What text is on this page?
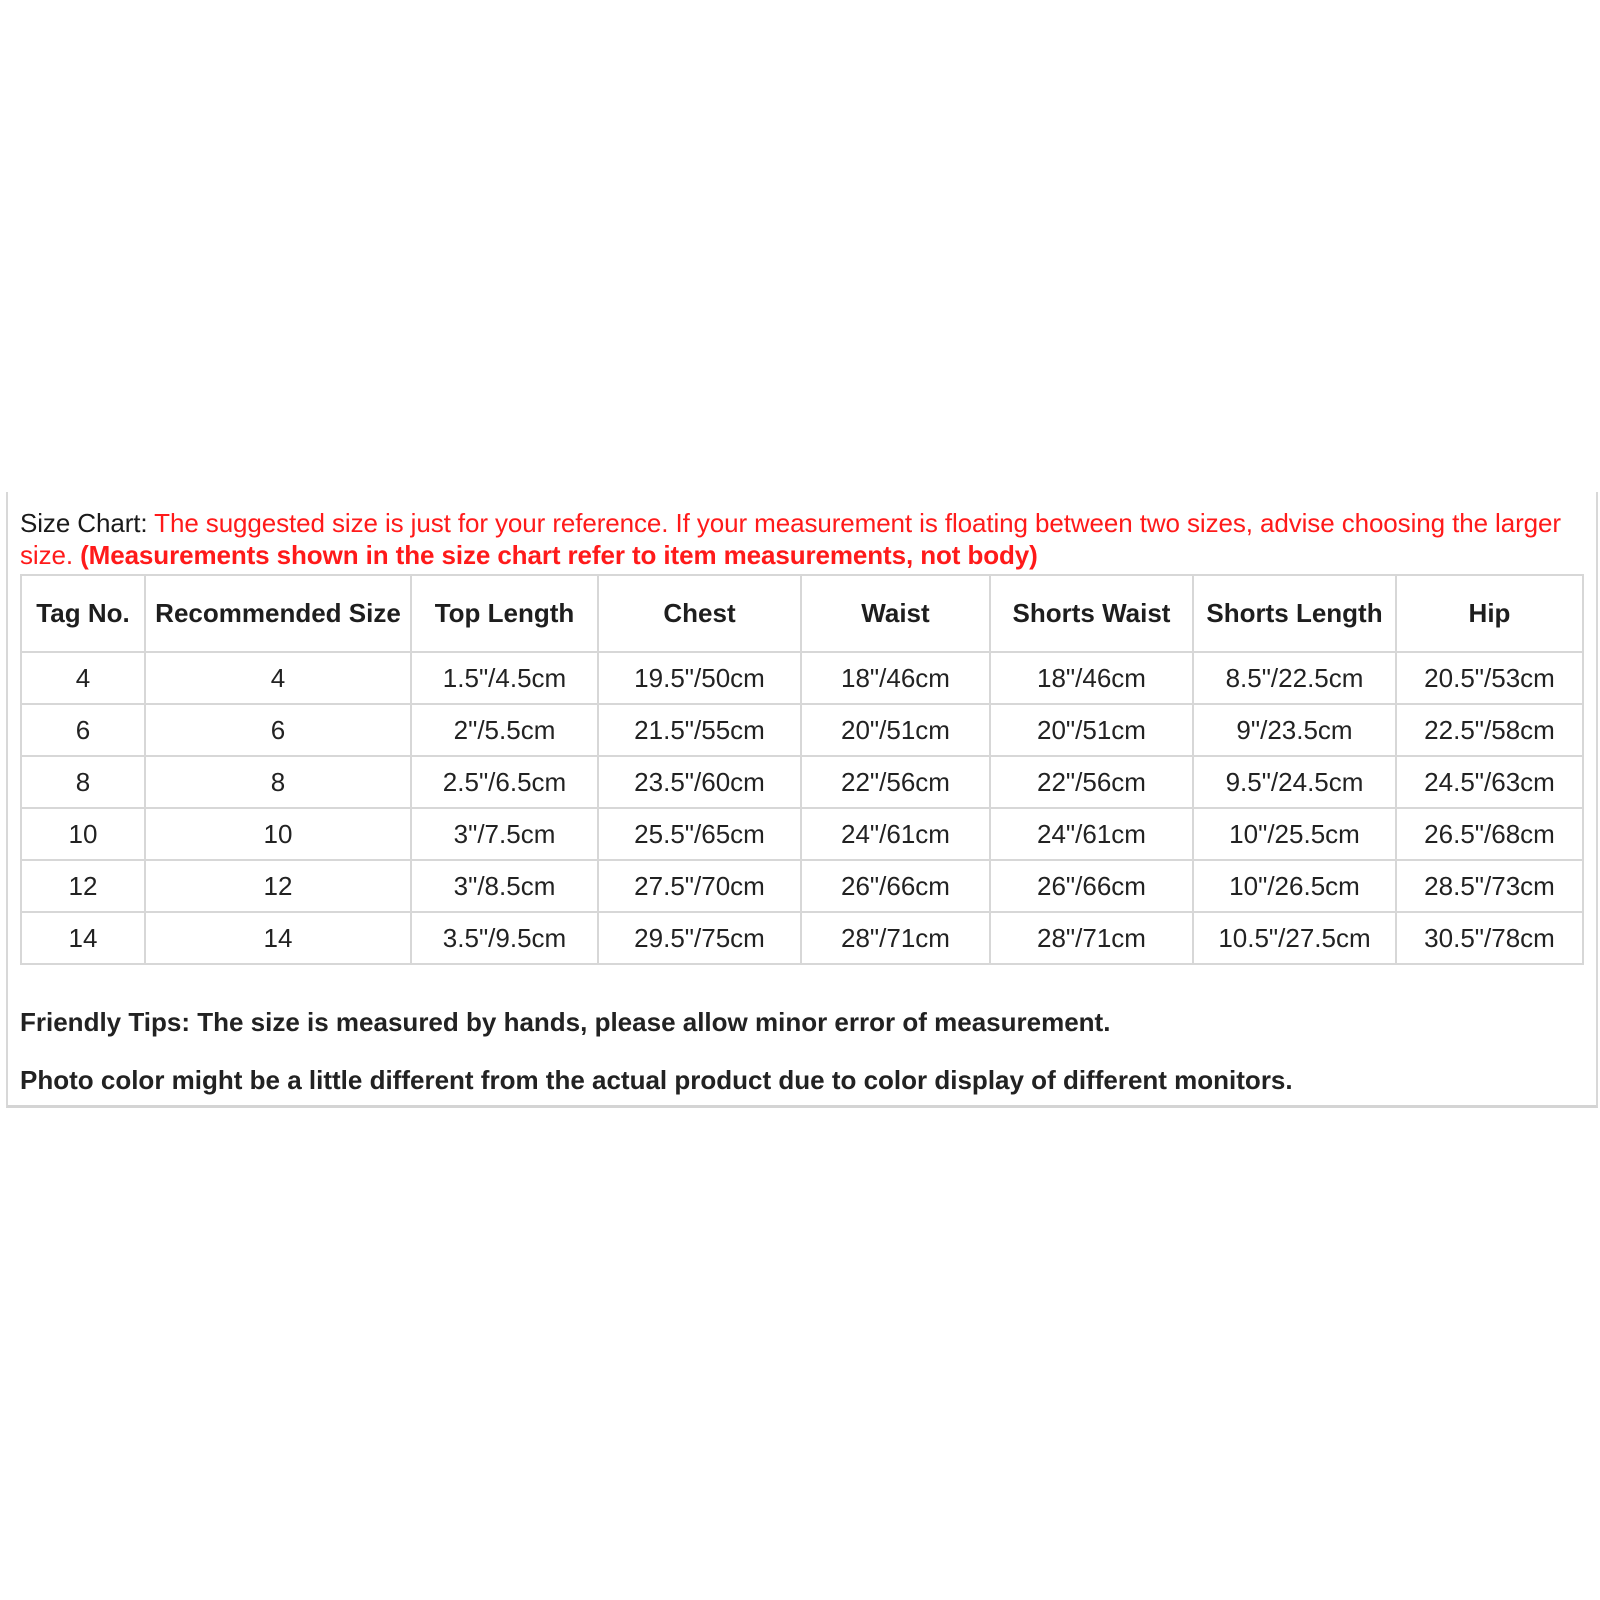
Size Chart: The suggested size is just for your reference. If your measurement is floating between two sizes, advise choosing the larger size. (Measurements shown in the size chart refer to item measurements, not body)
Tag No.	Recommended Size	Top Length	Chest	Waist	Shorts Waist	Shorts Length	Hip
4	4	1.5"/4.5cm	19.5"/50cm	18"/46cm	18"/46cm	8.5"/22.5cm	20.5"/53cm
6	6	2"/5.5cm	21.5"/55cm	20"/51cm	20"/51cm	9"/23.5cm	22.5"/58cm
8	8	2.5"/6.5cm	23.5"/60cm	22"/56cm	22"/56cm	9.5"/24.5cm	24.5"/63cm
10	10	3"/7.5cm	25.5"/65cm	24"/61cm	24"/61cm	10"/25.5cm	26.5"/68cm
12	12	3"/8.5cm	27.5"/70cm	26"/66cm	26"/66cm	10"/26.5cm	28.5"/73cm
14	14	3.5"/9.5cm	29.5"/75cm	28"/71cm	28"/71cm	10.5"/27.5cm	30.5"/78cm
Friendly Tips: The size is measured by hands, please allow minor error of measurement.
Photo color might be a little different from the actual product due to color display of different monitors.
